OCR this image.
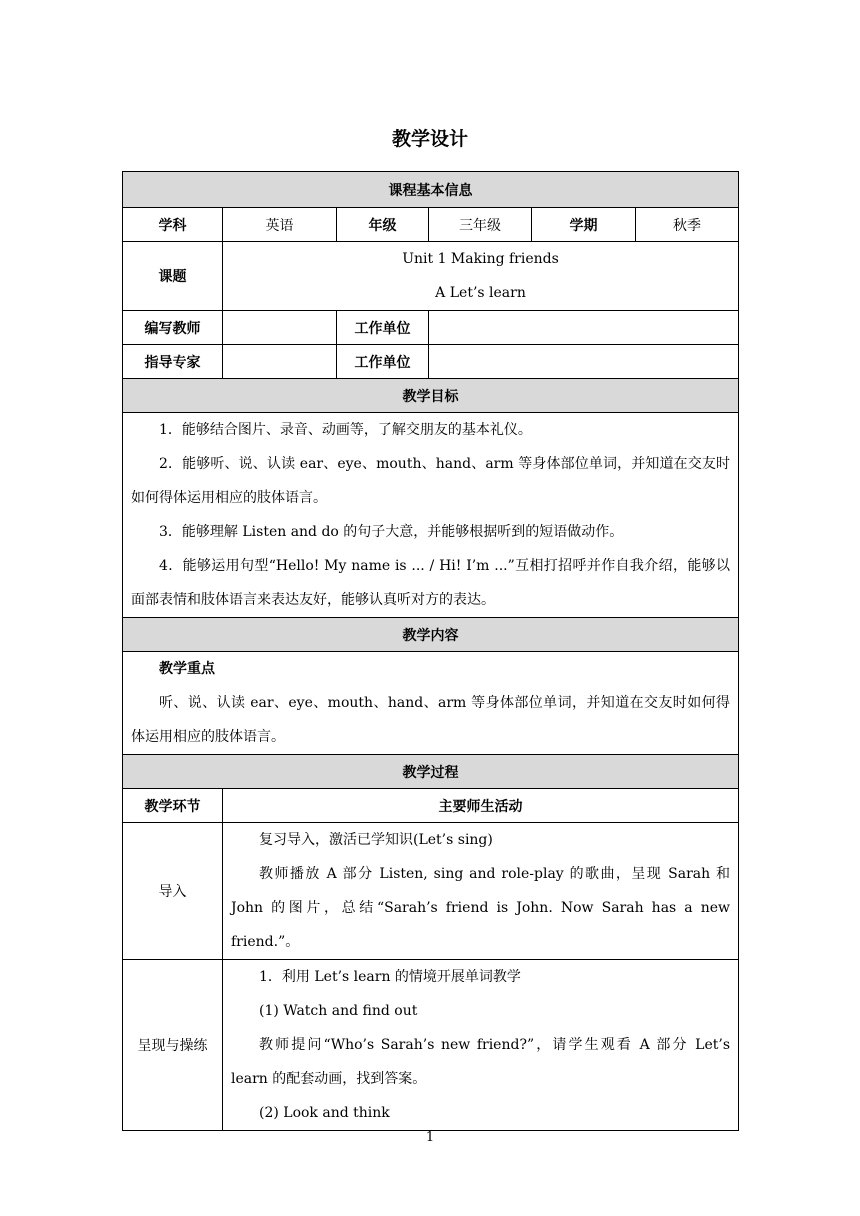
教学设计
课程基本信息					
学科	英语	年级	三年级	学期	秋季
课题	Unit 1 Making friends
A Let’s learn				

编写教师		工作单位			
指导专家		工作单位			
教学目标					

1．能够结合图片、录音、动画等，了解交朋友的基本礼仪。

2．能够听、说、认读 ear、eye、mouth、hand、arm 等身体部位单词，并知道在交友时如何得体运用相应的肢体语言。

3．能够理解 Listen and do 的句子大意，并能够根据听到的短语做动作。

4．能够运用句型“Hello! My name is ... / Hi! I’m ...”互相打招呼并作自我介绍，能够以面部表情和肢体语言来表达友好，能够认真听对方的表达。					

教学内容					

教学重点

听、说、认读 ear、eye、mouth、hand、arm 等身体部位单词，并知道在交友时如何得体运用相应的肢体语言。					

教学过程					
教学环节	主要师生活动				
导入	复习导入，激活已学知识(Let’s sing)

教师播放 A 部分 Listen, sing and role-play 的歌曲，呈现 Sarah 和 John 的图片，总结“Sarah’s friend is John. Now Sarah has a new friend.”。				

呈现与操练	1．利用 Let’s learn 的情境开展单词教学

(1) Watch and find out

教师提问“Who’s Sarah’s new friend?”，请学生观看 A 部分 Let’s learn 的配套动画，找到答案。

(2) Look and think				

1
